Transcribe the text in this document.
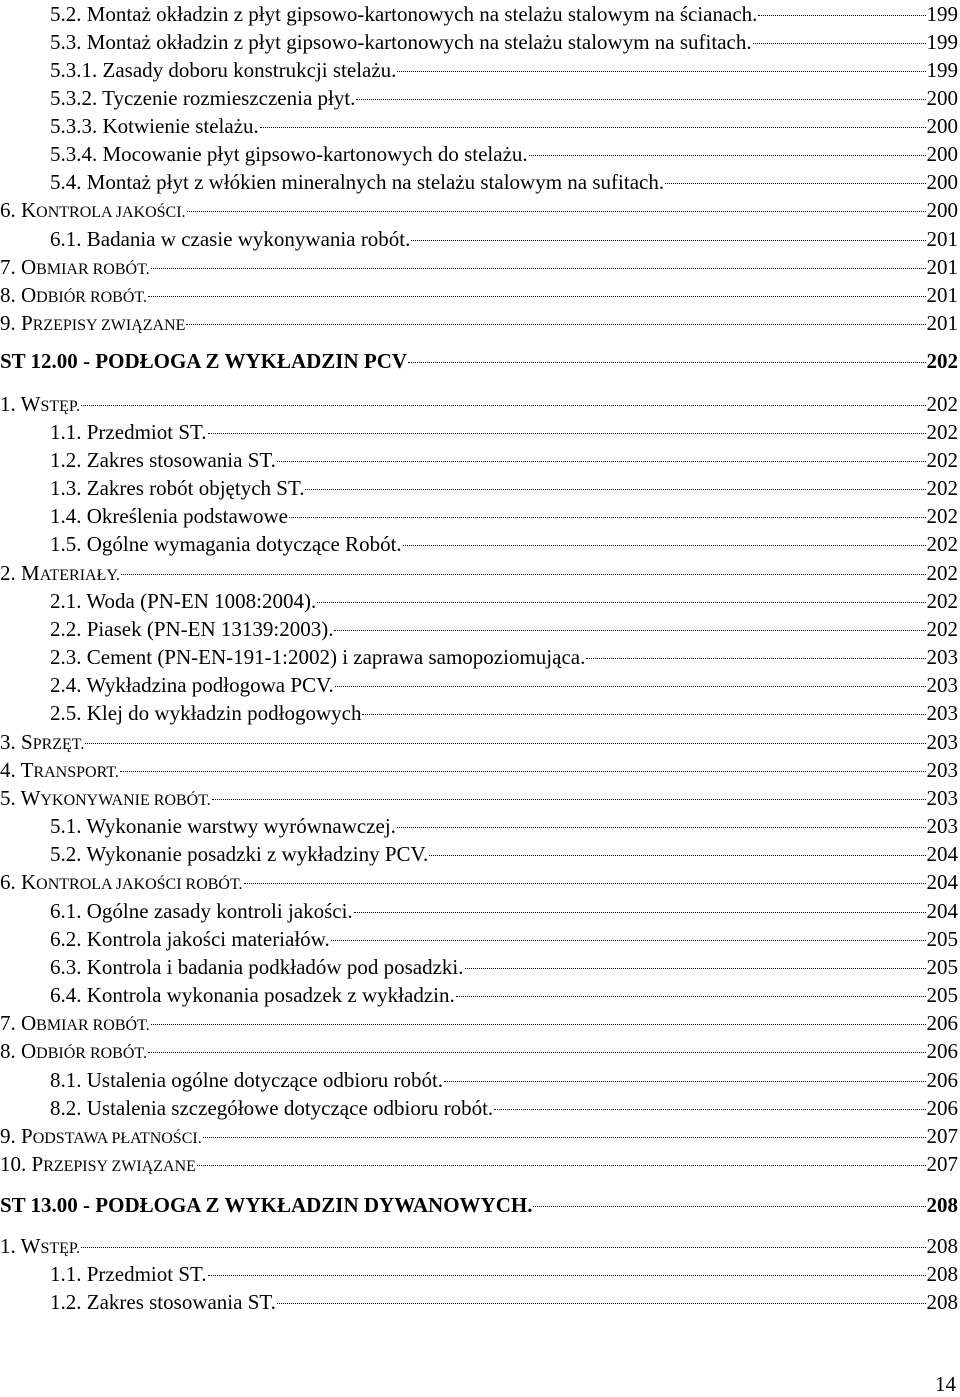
5.2. Montaż okładzin z płyt gipsowo-kartonowych na stelażu stalowym na ścianach.	199
5.3. Montaż okładzin z płyt gipsowo-kartonowych na stelażu stalowym na sufitach.	199
5.3.1. Zasady doboru konstrukcji stelażu.	199
5.3.2. Tyczenie rozmieszczenia płyt.	200
5.3.3. Kotwienie stelażu.	200
5.3.4. Mocowanie płyt gipsowo-kartonowych do stelażu.	200
5.4. Montaż płyt z włókien mineralnych na stelażu stalowym na sufitach.	200
6. KONTROLA JAKOŚCI.	200
6.1. Badania w czasie wykonywania robót.	201
7. OBMIAR ROBÓT.	201
8. ODBIÓR ROBÓT.	201
9. PRZEPISY ZWIĄZANE	201
ST 12.00 - PODŁOGA Z WYKŁADZIN PCV	202
1. WSTĘP.	202
1.1. Przedmiot ST.	202
1.2. Zakres stosowania ST.	202
1.3. Zakres robót objętych ST.	202
1.4. Określenia podstawowe	202
1.5. Ogólne wymagania dotyczące Robót.	202
2. MATERIAŁY.	202
2.1. Woda (PN-EN 1008:2004).	202
2.2. Piasek (PN-EN 13139:2003).	202
2.3. Cement (PN-EN-191-1:2002) i zaprawa samopoziomująca.	203
2.4. Wykładzina podłogowa PCV.	203
2.5. Klej do wykładzin podłogowych	203
3. SPRZĘT.	203
4. TRANSPORT.	203
5. WYKONYWANIE ROBÓT.	203
5.1. Wykonanie warstwy wyrównawczej.	203
5.2. Wykonanie posadzki z wykładziny PCV.	204
6. KONTROLA JAKOŚCI ROBÓT.	204
6.1. Ogólne zasady kontroli jakości.	204
6.2. Kontrola jakości materiałów.	205
6.3. Kontrola i badania podkładów pod posadzki.	205
6.4. Kontrola wykonania posadzek z wykładzin.	205
7. OBMIAR ROBÓT.	206
8. ODBIÓR ROBÓT.	206
8.1. Ustalenia ogólne dotyczące odbioru robót.	206
8.2. Ustalenia szczegółowe dotyczące odbioru robót.	206
9. PODSTAWA PŁATNOŚCI.	207
10. PRZEPISY ZWIĄZANE	207
ST 13.00 - PODŁOGA Z WYKŁADZIN DYWANOWYCH.	208
1. WSTĘP.	208
1.1. Przedmiot ST.	208
1.2. Zakres stosowania ST.	208
14
